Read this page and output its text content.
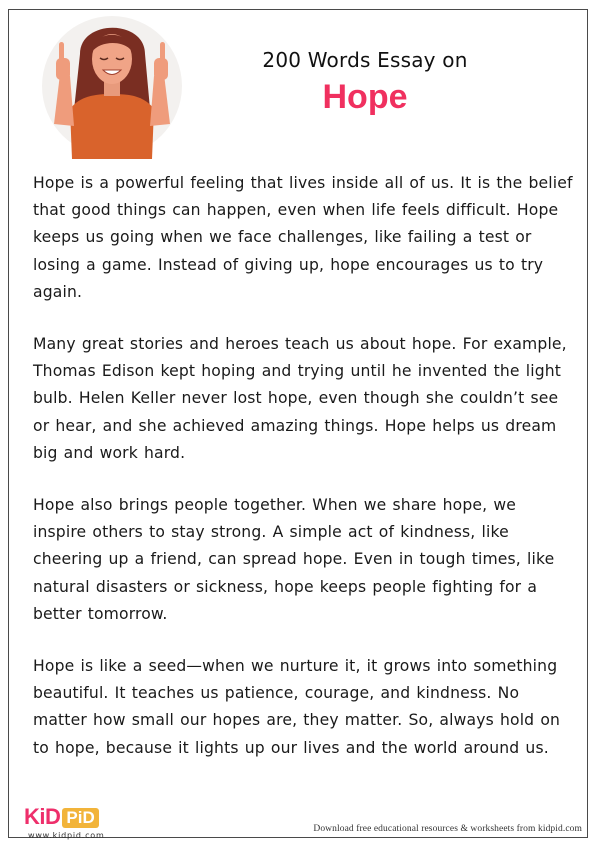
200 Words Essay on
Hope

Hope is a powerful feeling that lives inside all of us. It is the belief that good things can happen, even when life feels difficult. Hope keeps us going when we face challenges, like failing a test or losing a game. Instead of giving up, hope encourages us to try again.

Many great stories and heroes teach us about hope. For example, Thomas Edison kept hoping and trying until he invented the light bulb. Helen Keller never lost hope, even though she couldn’t see or hear, and she achieved amazing things. Hope helps us dream big and work hard.

Hope also brings people together. When we share hope, we inspire others to stay strong. A simple act of kindness, like cheering up a friend, can spread hope. Even in tough times, like natural disasters or sickness, hope keeps people fighting for a better tomorrow.

Hope is like a seed—when we nurture it, it grows into something beautiful. It teaches us patience, courage, and kindness. No matter how small our hopes are, they matter. So, always hold on to hope, because it lights up our lives and the world around us.

KiD PiD
www.kidpid.com
Download free educational resources & worksheets from kidpid.com
